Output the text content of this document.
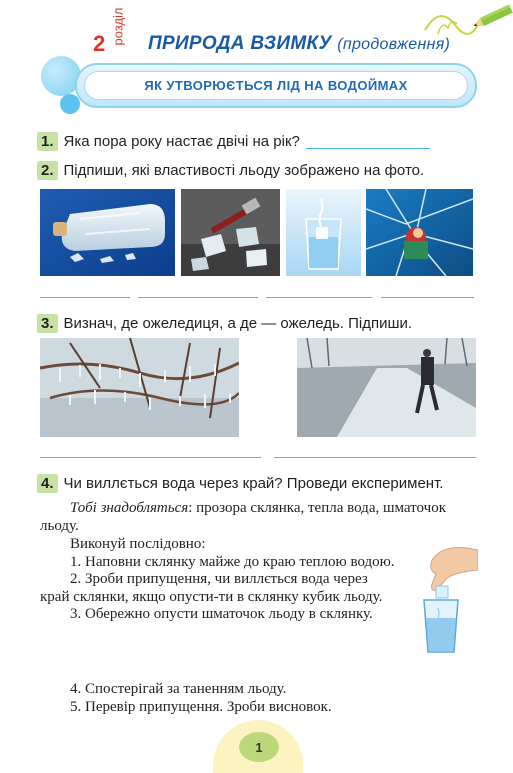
2 розділ ПРИРОДА ВЗИМКУ (продовження)
ЯК УТВОРЮЄТЬСЯ ЛІД НА ВОДОЙМАХ
1. Яка пора року настає двічі на рік?
2. Підпиши, які властивості льоду зображено на фото.
3. Визнач, де ожеледиця, а де — ожеледь. Підпиши.
4. Чи виллється вода через край? Проведи експеримент.

Тобі знадобляться: прозора склянка, тепла вода, шматочок льоду.

Виконуй послідовно:

1. Наповни склянку майже до краю теплою водою.

2. Зроби припущення, чи виллється вода через край склянки, якщо опусти-ти в склянку кубик льоду.

3. Обережно опусти шматочок льоду в склянку.

4. Спостерігай за таненням льоду.

5. Перевір припущення. Зроби висновок.

1
